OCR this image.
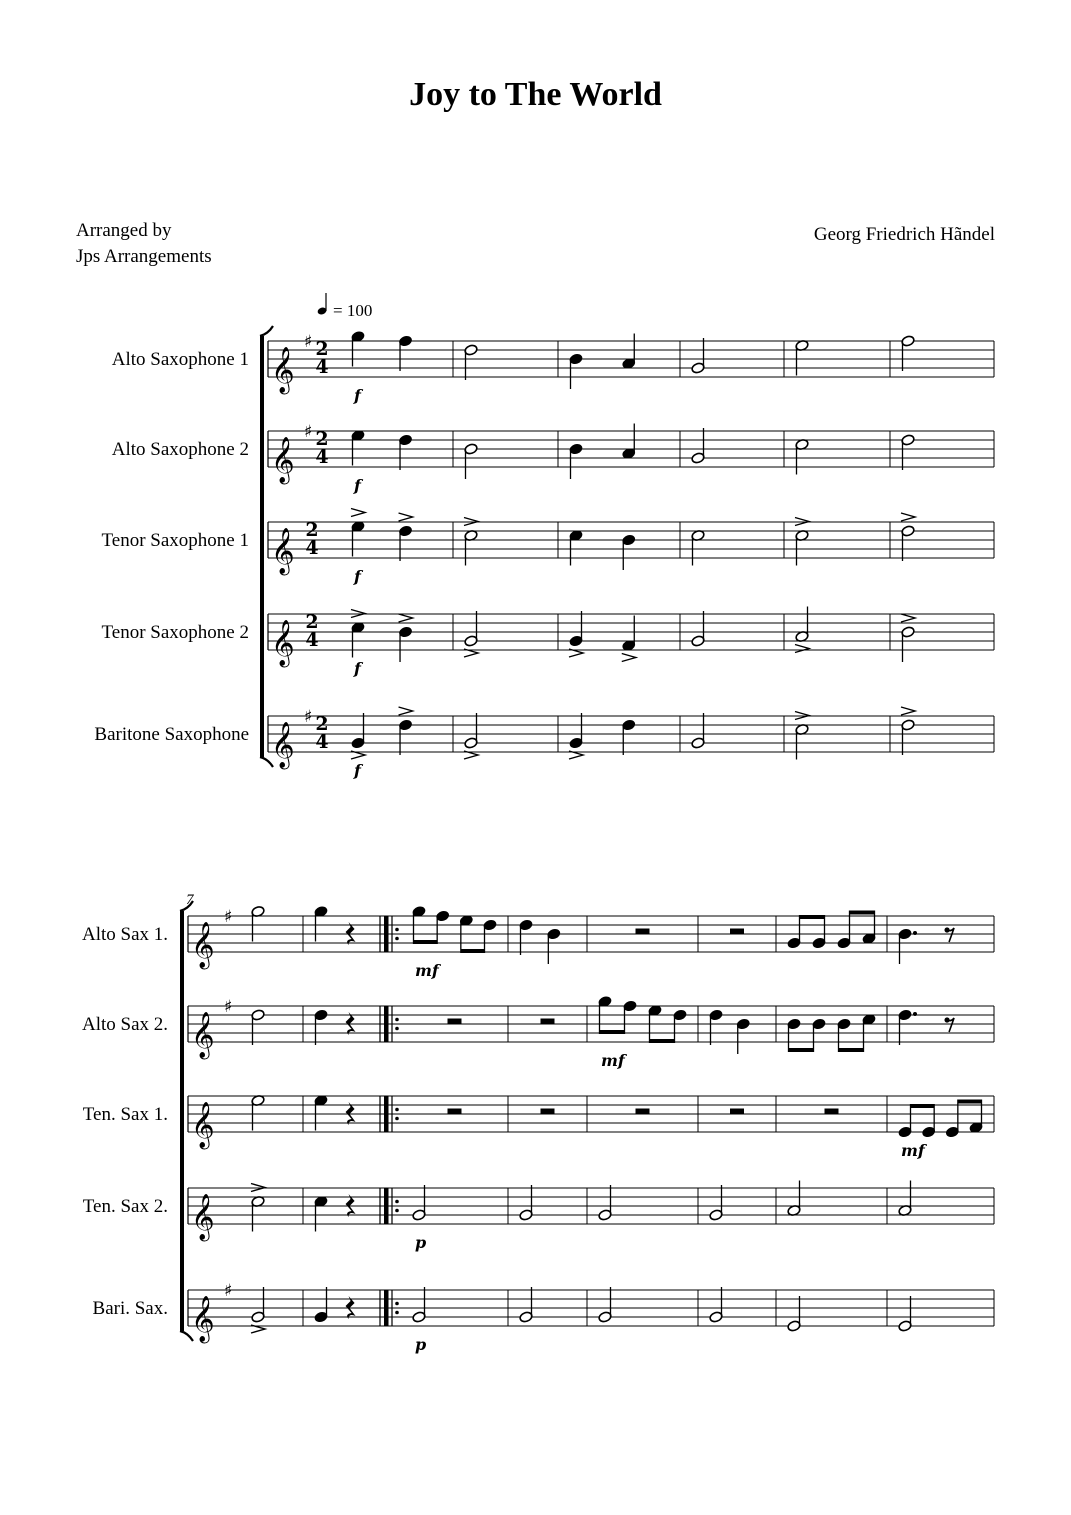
Joy to The World
Arranged by
Jps Arrangements
Georg Friedrich Hãndel
= 100
Alto Saxophone 1 𝄞
♯ 2
4
f
Alto Saxophone 2 𝄞
♯ 2
4
f
Tenor Saxophone 1 𝄞 2
4
f
Tenor Saxophone 2 𝄞 2
4
f
Baritone Saxophone 𝄞
♯ 2
4
f
7
Alto Sax 1. 𝄞
♯
mf
Alto Sax 2. 𝄞
♯
mf
Ten. Sax 1. 𝄞
mf
Ten. Sax 2. 𝄞
p
Bari. Sax. 𝄞
♯
p
